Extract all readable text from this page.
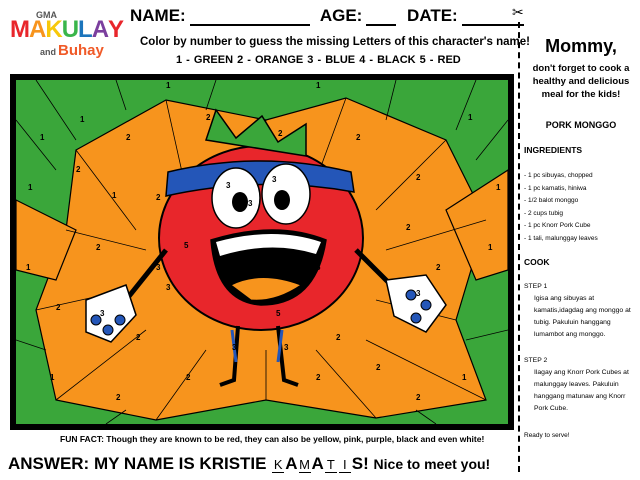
GMA
MAKULAY
and Buhay
NAME:	AGE:	DATE:
Color by number to guess the missing Letters of this character's name!
1 - GREEN 2 - ORANGE 3 - BLUE 4 - BLACK 5 - RED
✂
1
1
1
1
1
1
1
1
1	1
1
1
2
2
2
2	2
2
2
2
2
2	2
2
2
2
2
2
2	2
3
3
3
3
3
3
3
3	3
5
5
5
FUN FACT: Though they are known to be red, they can also be yellow, pink, purple, black and even white!
ANSWER: MY NAME IS KRISTIE K A MA T I S! Nice to meet you!
Mommy,
don't forget to cook a healthy and delicious meal for the kids!
PORK MONGGO
INGREDIENTS
- 1 pc sibuyas, chopped
- 1 pc kamatis, hiniwa
- 1/2 balot monggo
- 2 cups tubig
- 1 pc Knorr Pork Cube
- 1 tali, malunggay leaves
COOK
STEP 1
Igisa ang sibuyas at kamatis,idagdag ang monggo at tubig. Pakuluin hanggang lumambot ang monggo.
STEP 2
Ilagay ang Knorr Pork Cubes at malunggay leaves. Pakuluin hanggang matunaw ang Knorr Pork Cube.
Ready to serve!
